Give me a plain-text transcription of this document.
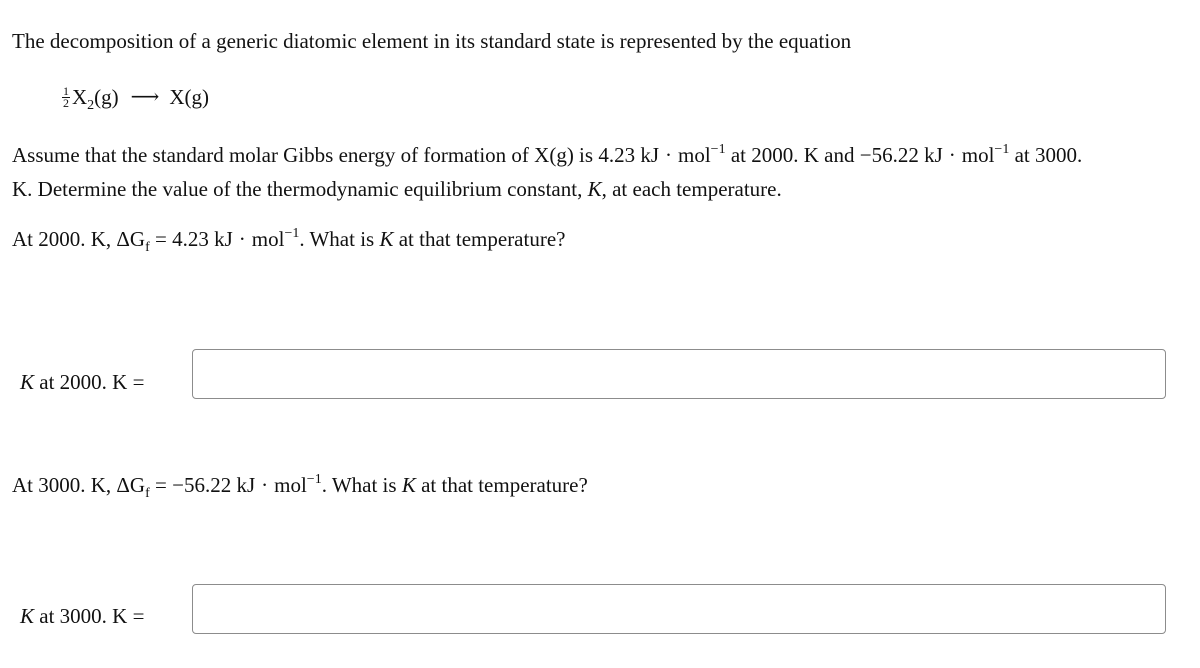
The decomposition of a generic diatomic element in its standard state is represented by the equation
$\frac{1}{2} X_2(g)$ ⟶ X(g)
Assume that the standard molar Gibbs energy of formation of X(g) is 4.23 kJ · mol$^{-1}$ at 2000. K and −56.22 kJ · mol$^{-1}$ at 3000.
K. Determine the value of the thermodynamic equilibrium constant, K, at each temperature.
At 2000. K, $\Delta G_f = 4.23$ kJ · mol$^{-1}$. What is K at that temperature?
K at 2000. K =
At 3000. K, $\Delta G_f = -56.22$ kJ · mol$^{-1}$. What is K at that temperature?
K at 3000. K =
